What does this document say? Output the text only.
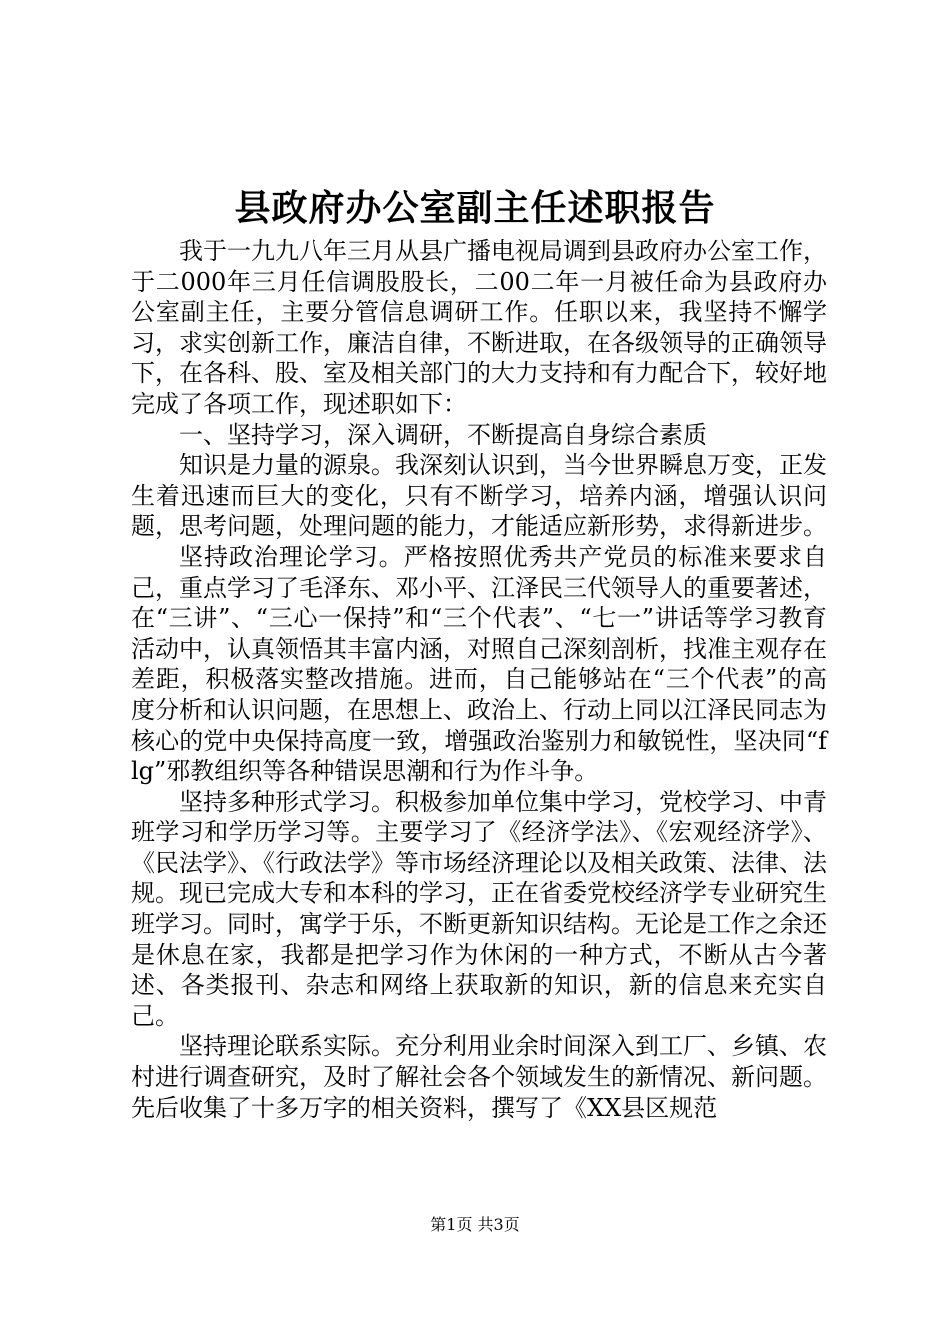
县政府办公室副主任述职报告

我于一九九八年三月从县广播电视局调到县政府办公室工作，于二000年三月任信调股股长，二00二年一月被任命为县政府办公室副主任，主要分管信息调研工作。任职以来，我坚持不懈学习，求实创新工作，廉洁自律，不断进取，在各级领导的正确领导下，在各科、股、室及相关部门的大力支持和有力配合下，较好地完成了各项工作，现述职如下：

一、坚持学习，深入调研，不断提高自身综合素质

知识是力量的源泉。我深刻认识到，当今世界瞬息万变，正发生着迅速而巨大的变化，只有不断学习，培养内涵，增强认识问题，思考问题，处理问题的能力，才能适应新形势，求得新进步。

坚持政治理论学习。严格按照优秀共产党员的标准来要求自己，重点学习了毛泽东、邓小平、江泽民三代领导人的重要著述，在“三讲”、“三心一保持”和“三个代表”、“七一”讲话等学习教育活动中，认真领悟其丰富内涵，对照自己深刻剖析，找准主观存在差距，积极落实整改措施。进而，自己能够站在“三个代表”的高度分析和认识问题，在思想上、政治上、行动上同以江泽民同志为核心的党中央保持高度一致，增强政治鉴别力和敏锐性，坚决同“flg”邪教组织等各种错误思潮和行为作斗争。

坚持多种形式学习。积极参加单位集中学习，党校学习、中青班学习和学历学习等。主要学习了《经济学法》、《宏观经济学》、《民法学》、《行政法学》等市场经济理论以及相关政策、法律、法规。现已完成大专和本科的学习，正在省委党校经济学专业研究生班学习。同时，寓学于乐，不断更新知识结构。无论是工作之余还是休息在家，我都是把学习作为休闲的一种方式，不断从古今著述、各类报刊、杂志和网络上获取新的知识，新的信息来充实自己。

坚持理论联系实际。充分利用业余时间深入到工厂、乡镇、农村进行调查研究，及时了解社会各个领域发生的新情况、新问题。先后收集了十多万字的相关资料，撰写了《XX县区规范

第1页 共3页
